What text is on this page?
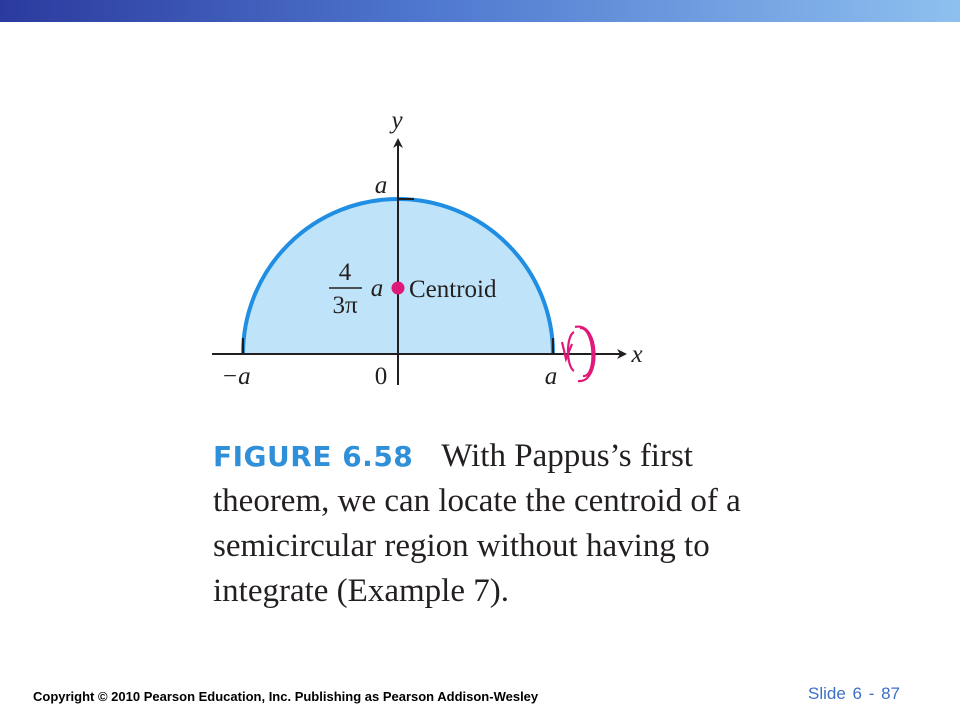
y
x
a
−a	0	a
4
3π
a Centroid
FIGURE 6.58 With Pappus’s first theorem, we can locate the centroid of a semicircular region without having to integrate (Example 7).
Copyright © 2010 Pearson Education, Inc. Publishing as Pearson Addison-Wesley	Slide 6 - 87
